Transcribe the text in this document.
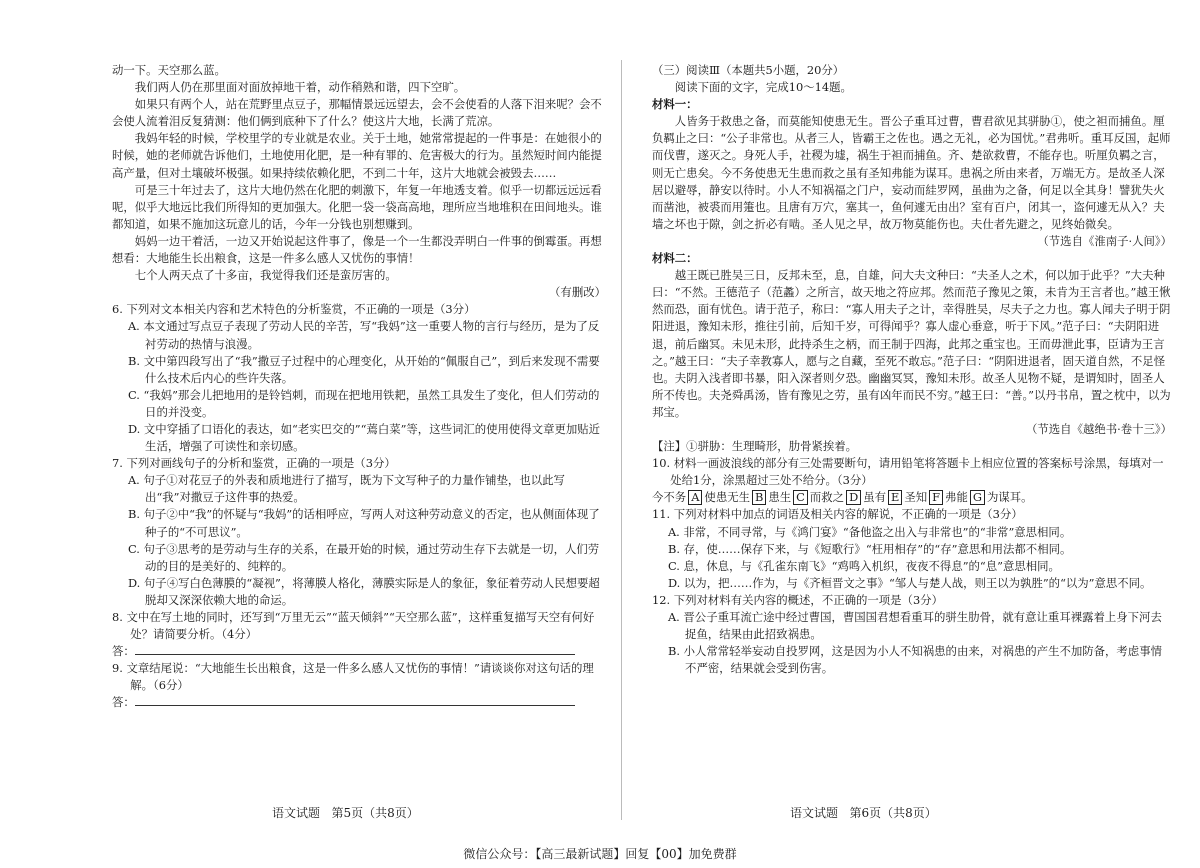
动一下。天空那么蓝。
我们两人仍在那里面对面放掉地干着，动作稍熟和谐，四下空旷。
如果只有两个人，站在荒野里点豆子，那幅情景远远望去，会不会使看的人落下泪来呢？会不会使人流着泪反复猜测：他们俩到底种下了什么？使这片大地，长满了荒凉。
我妈年轻的时候，学校里学的专业就是农业。关于土地，她常常提起的一件事是：在她很小的时候，她的老师就告诉他们，土地使用化肥，是一种有罪的、危害极大的行为。虽然短时间内能提高产量，但对土壤破坏极强。如果持续依赖化肥，不到二十年，这片大地就会被毁去……
可是三十年过去了，这片大地仍然在化肥的刺激下，年复一年地透支着。似乎一切都远远远看呢，似乎大地远比我们所得知的更加强大。化肥一袋一袋高高地，理所应当地堆积在田间地头。谁都知道，如果不施加这玩意儿的话，今年一分钱也别想赚到。
妈妈一边干着活，一边又开始说起这件事了，像是一个一生都没弄明白一件事的倒霉蛋。再想想看：大地能生长出粮食，这是一件多么感人又忧伤的事情！
七个人两天点了十多亩，我觉得我们还是蛮厉害的。
（有删改）
6. 下列对文本相关内容和艺术特色的分析鉴赏，不正确的一项是（3分）
A. 本文通过写点豆子表现了劳动人民的辛苦，写“我妈”这一重要人物的言行与经历，是为了反衬劳动的热情与浪漫。
B. 文中第四段写出了“我”撒豆子过程中的心理变化，从开始的“佩服自己”，到后来发现不需要什么技术后内心的些许失落。
C. “我妈”那会儿把地用的是铃铛刺，而现在把地用铁耙，虽然工具发生了变化，但人们劳动的日的并没变。
D. 文中穿插了口语化的表达，如“老实巴交的”“蔫白菜”等，这些词汇的使用使得文章更加贴近生活，增强了可读性和亲切感。
7. 下列对画线句子的分析和鉴赏，正确的一项是（3分）
A. 句子①对花豆子的外表和质地进行了描写，既为下文写种子的力量作铺垫，也以此写出“我”对撒豆子这件事的热爱。
B. 句子②中“我”的怀疑与“我妈”的话相呼应，写两人对这种劳动意义的否定，也从侧面体现了种子的“不可思议”。
C. 句子③思考的是劳动与生存的关系，在最开始的时候，通过劳动生存下去就是一切，人们劳动的目的是美好的、纯粹的。
D. 句子④写白色薄膜的“凝视”，将薄膜人格化，薄膜实际是人的象征，象征着劳动人民想要超脱却又深深依赖大地的命运。
8. 文中在写土地的同时，还写到“万里无云”“蓝天倾斜”“天空那么蓝”，这样重复描写天空有何好处？请简要分析。（4分）
答：
9. 文章结尾说：“大地能生长出粮食，这是一件多么感人又忧伤的事情！”请谈谈你对这句话的理解。（6分）
答：
语文试题   第5页（共8页）
（三）阅读Ⅲ（本题共5小题，20分）
阅读下面的文字，完成10～14题。
材料一：
人皆务于救患之备，而莫能知使患无生。晋公子重耳过曹，曹君欲见其骈胁①，使之袒而捕鱼。厘负羁止之曰：“公子非常也。从者三人，皆霸王之佐也。遇之无礼，必为国忧。”君弗听。重耳反国，起师而伐曹，遂灭之。身死人手，社稷为墟，祸生于袒而捕鱼。齐、楚欲救曹，不能存也。听厘负羁之言，则无亡患矣。今不务使患无生患而救之虽有圣知弗能为谋耳。患祸之所由来者，万端无方。是故圣人深居以避辱，静安以待时。小人不知祸福之门户，妄动而絓罗网，虽曲为之备，何足以全其身！譬犹失火而凿池，被裘而用箑也。且唐有万穴，塞其一，鱼何遽无由出？室有百户，闭其一，盗何遽无从入？夫墙之坏也于隙，剑之折必有啮。圣人见之早，故万物莫能伤也。夫仕者先避之，见终始微矣。
（节选自《淮南子·人间》）
材料二：
越王既已胜吴三日，反邦未至，息，自雄，问大夫文种曰：“夫圣人之术，何以加于此乎？”大夫种曰：“不然。王德范子（范蠡）之所言，故天地之符应邦。然而范子豫见之策，未肯为王言者也。”越王愀然而恐，面有忧色。请于范子，称曰：“寡人用夫子之计，幸得胜吴，尽夫子之力也。寡人闻夫子明于阴阳进退，豫知未形，推往引前，后知千岁，可得闻乎？寡人虚心垂意，听于下风。”范子曰：“夫阴阳进退，前后幽冥。未见未形，此持杀生之柄，而王制于四海，此邦之重宝也。王而毋泄此事，臣请为王言之。”越王曰：“夫子幸教寡人，愿与之自藏，至死不敢忘。”范子曰：“阴阳进退者，固天道自然，不足怪也。夫阴入浅者即书暴，阳入深者则夕恐。幽幽冥冥，豫知未形。故圣人见物不疑，是谓知时，固圣人所不传也。夫尧舜禹汤，皆有豫见之劳，虽有凶年而民不穷。”越王曰：“善。”以丹书帛，置之枕中，以为邦宝。
（节选自《越绝书·卷十三》）
【注】①骈胁：生理畸形，肋骨紧挨着。
10. 材料一画波浪线的部分有三处需要断句，请用铅笔将答题卡上相应位置的答案标号涂黑，每填对一处给1分，涂黑超过三处不给分。（3分）
今不务 A 使患无生 B 患生 C 而救之 D 虽有 E 圣知 F 弗能 G 为谋耳。
11. 下列对材料中加点的词语及相关内容的解说，不正确的一项是（3分）
A. 非常，不同寻常，与《鸿门宴》“备他盗之出入与非常也”的“非常”意思相同。
B. 存，使……保存下来，与《短歌行》“枉用相存”的“存”意思和用法都不相同。
C. 息，休息，与《孔雀东南飞》“鸡鸣入机织，夜夜不得息”的“息”意思相同。
D. 以为，把……作为，与《齐桓晋文之事》“邹人与楚人战，则王以为孰胜”的“以为”意思不同。
12. 下列对材料有关内容的概述，不正确的一项是（3分）
A. 晋公子重耳流亡途中经过曹国，曹国国君想看重耳的骈生肋骨，就有意让重耳裸露着上身下河去捉鱼，结果由此招致祸患。
B. 小人常常轻举妄动自投罗网，这是因为小人不知祸患的由来，对祸患的产生不加防备，考虑事情不严密，结果就会受到伤害。
语文试题   第6页（共8页）
微信公众号：【高三最新试题】回复【00】加免费群
